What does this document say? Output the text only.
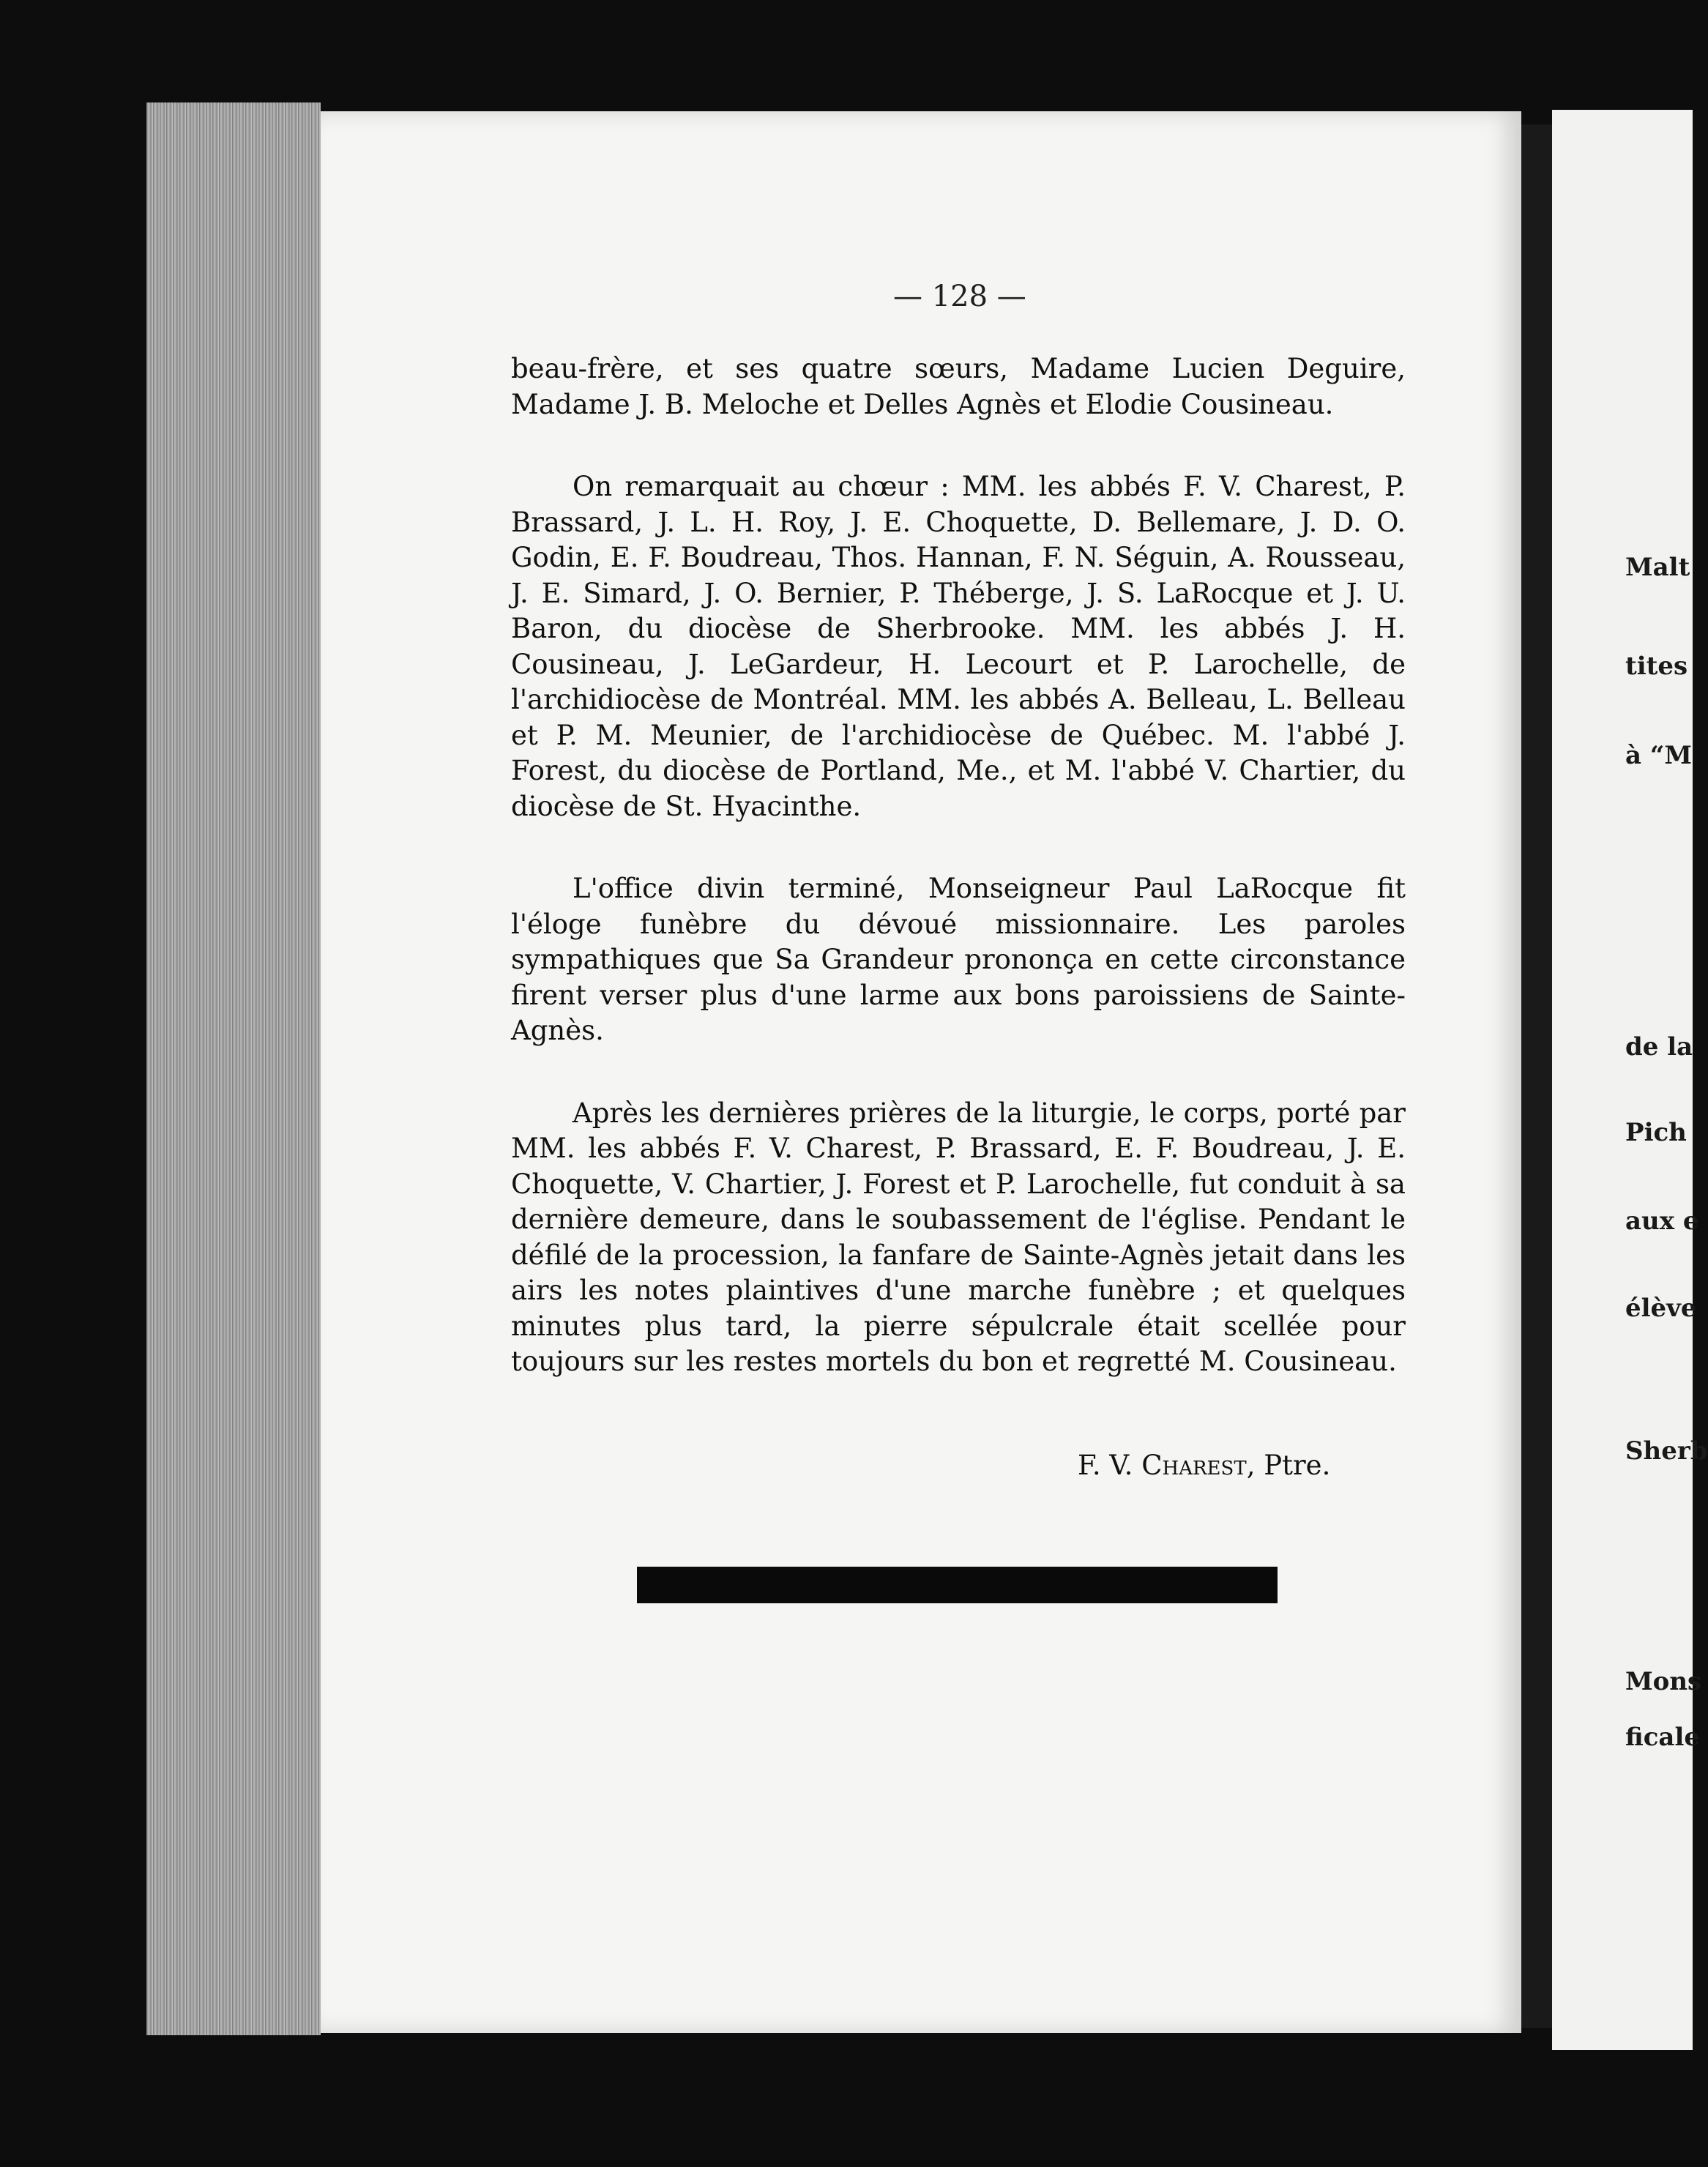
— 128 —

beau-frère, et ses quatre sœurs, Madame Lucien Deguire, Madame J. B. Meloche et Delles Agnès et Elodie Cousineau.

On remarquait au chœur : MM. les abbés F. V. Charest, P. Brassard, J. L. H. Roy, J. E. Choquette, D. Bellemare, J. D. O. Godin, E. F. Boudreau, Thos. Hannan, F. N. Séguin, A. Rousseau, J. E. Simard, J. O. Bernier, P. Théberge, J. S. LaRocque et J. U. Baron, du diocèse de Sherbrooke. MM. les abbés J. H. Cousineau, J. LeGardeur, H. Lecourt et P. Larochelle, de l'archidiocèse de Montréal. MM. les abbés A. Belleau, L. Belleau et P. M. Meunier, de l'archidiocèse de Québec. M. l'abbé J. Forest, du diocèse de Portland, Me., et M. l'abbé V. Chartier, du diocèse de St. Hyacinthe.

L'office divin terminé, Monseigneur Paul LaRocque fit l'éloge funèbre du dévoué missionnaire. Les paroles sympathiques que Sa Grandeur prononça en cette circonstance firent verser plus d'une larme aux bons paroissiens de Sainte-Agnès.

Après les dernières prières de la liturgie, le corps, porté par MM. les abbés F. V. Charest, P. Brassard, E. F. Boudreau, J. E. Choquette, V. Chartier, J. Forest et P. Larochelle, fut conduit à sa dernière demeure, dans le soubassement de l'église. Pendant le défilé de la procession, la fanfare de Sainte-Agnès jetait dans les airs les notes plaintives d'une marche funèbre ; et quelques minutes plus tard, la pierre sépulcrale était scellée pour toujours sur les restes mortels du bon et regretté M. Cousineau.

F. V. Charest, Ptre.
Malt
tites
à “M
de la
Pich
aux e
élève
Sherb
Mons
ficale
